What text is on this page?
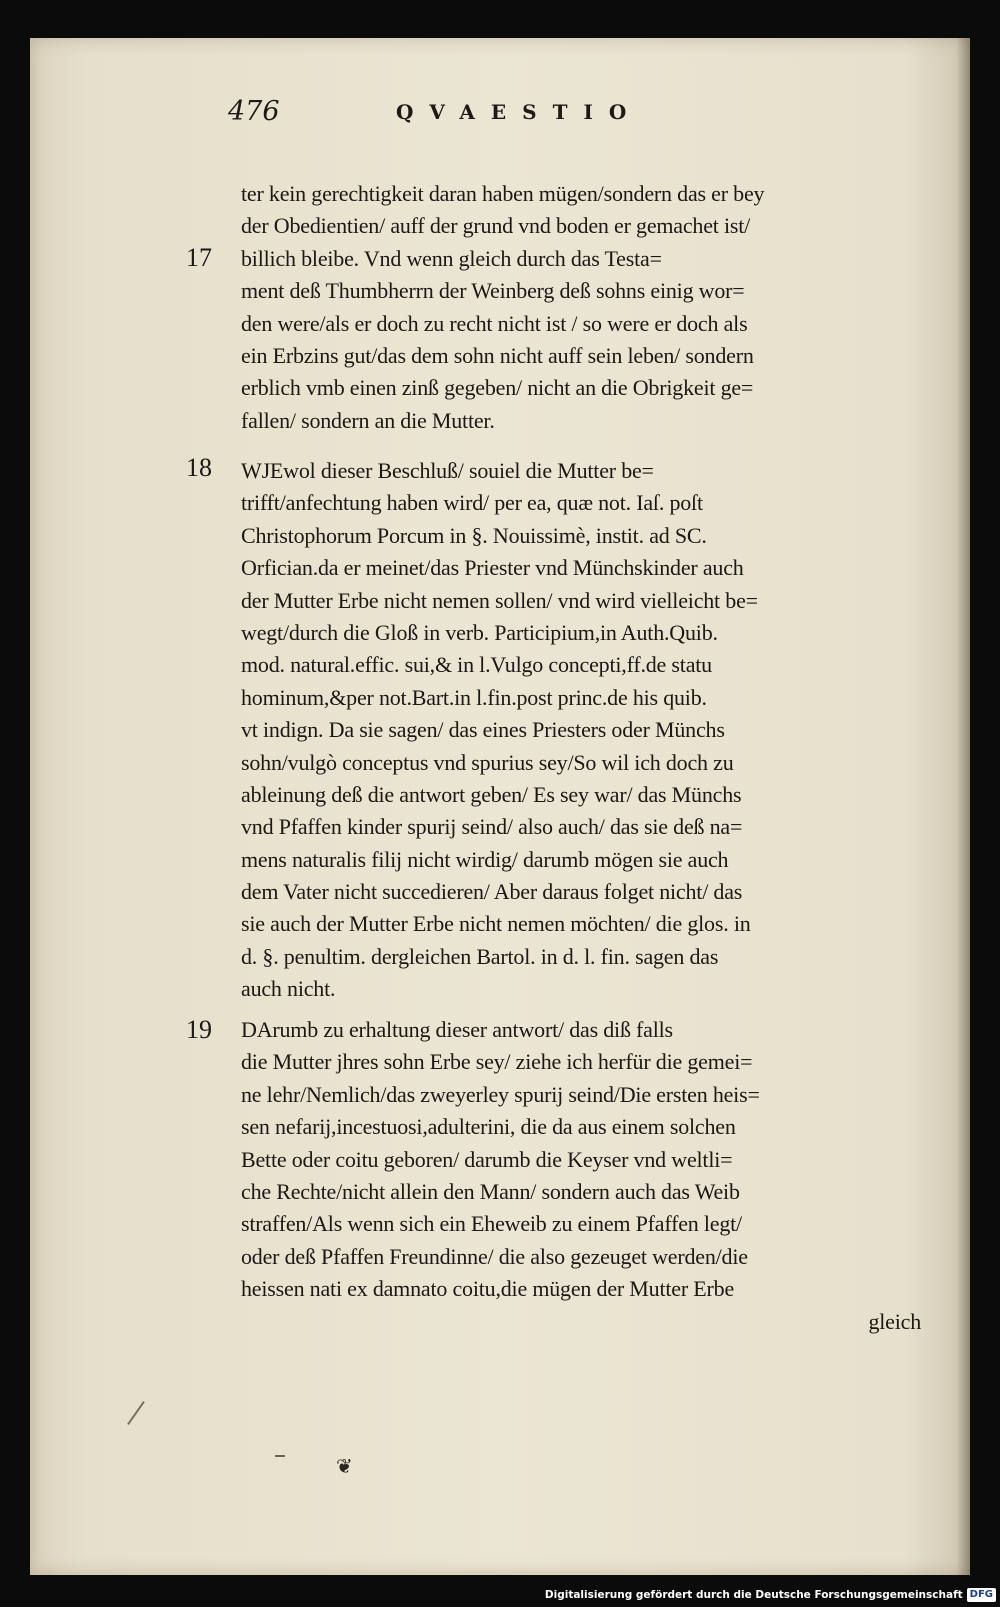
❦
476	QVAESTIO
17
18
19
ter kein gerechtigkeit daran haben mügen/sondern das er bey
der Obedientien/ auff der grund vnd boden er gemachet ist/
billich bleibe. Vnd wenn gleich durch das Testa=
ment deß Thumbherrn der Weinberg deß sohns einig wor=
den were/als er doch zu recht nicht ist / so were er doch als
ein Erbzins gut/das dem sohn nicht auff sein leben/ sondern
erblich vmb einen zinß gegeben/ nicht an die Obrigkeit ge=
fallen/ sondern an die Mutter.
WJEwol dieser Beschluß/ souiel die Mutter be=
trifft/anfechtung haben wird/ per ea, quæ not. Iaſ. poſt
Christophorum Porcum in §. Nouissimè, instit. ad SC.
Orfician.da er meinet/das Priester vnd Münchskinder auch
der Mutter Erbe nicht nemen sollen/ vnd wird vielleicht be=
wegt/durch die Gloß in verb. Participium,in Auth.Quib.
mod. natural.effic. sui,& in l.Vulgo concepti,ff.de statu
hominum,&per not.Bart.in l.fin.post princ.de his quib.
vt indign. Da sie sagen/ das eines Priesters oder Münchs
sohn/vulgò conceptus vnd spurius sey/So wil ich doch zu
ableinung deß die antwort geben/ Es sey war/ das Münchs
vnd Pfaffen kinder spurij seind/ also auch/ das sie deß na=
mens naturalis filij nicht wirdig/ darumb mögen sie auch
dem Vater nicht succedieren/ Aber daraus folget nicht/ das
sie auch der Mutter Erbe nicht nemen möchten/ die glos. in
d. §. penultim. dergleichen Bartol. in d. l. fin. sagen das
auch nicht.
DArumb zu erhaltung dieser antwort/ das diß falls
die Mutter jhres sohn Erbe sey/ ziehe ich herfür die gemei=
ne lehr/Nemlich/das zweyerley spurij seind/Die ersten heis=
sen nefarij,incestuosi,adulterini, die da aus einem solchen
Bette oder coitu geboren/ darumb die Keyser vnd weltli=
che Rechte/nicht allein den Mann/ sondern auch das Weib
straffen/Als wenn sich ein Eheweib zu einem Pfaffen legt/
oder deß Pfaffen Freundinne/ die also gezeuget werden/die
heissen nati ex damnato coitu,die mügen der Mutter Erbe
gleich
Digitalisierung gefördert durch die Deutsche Forschungsgemeinschaft DFG
